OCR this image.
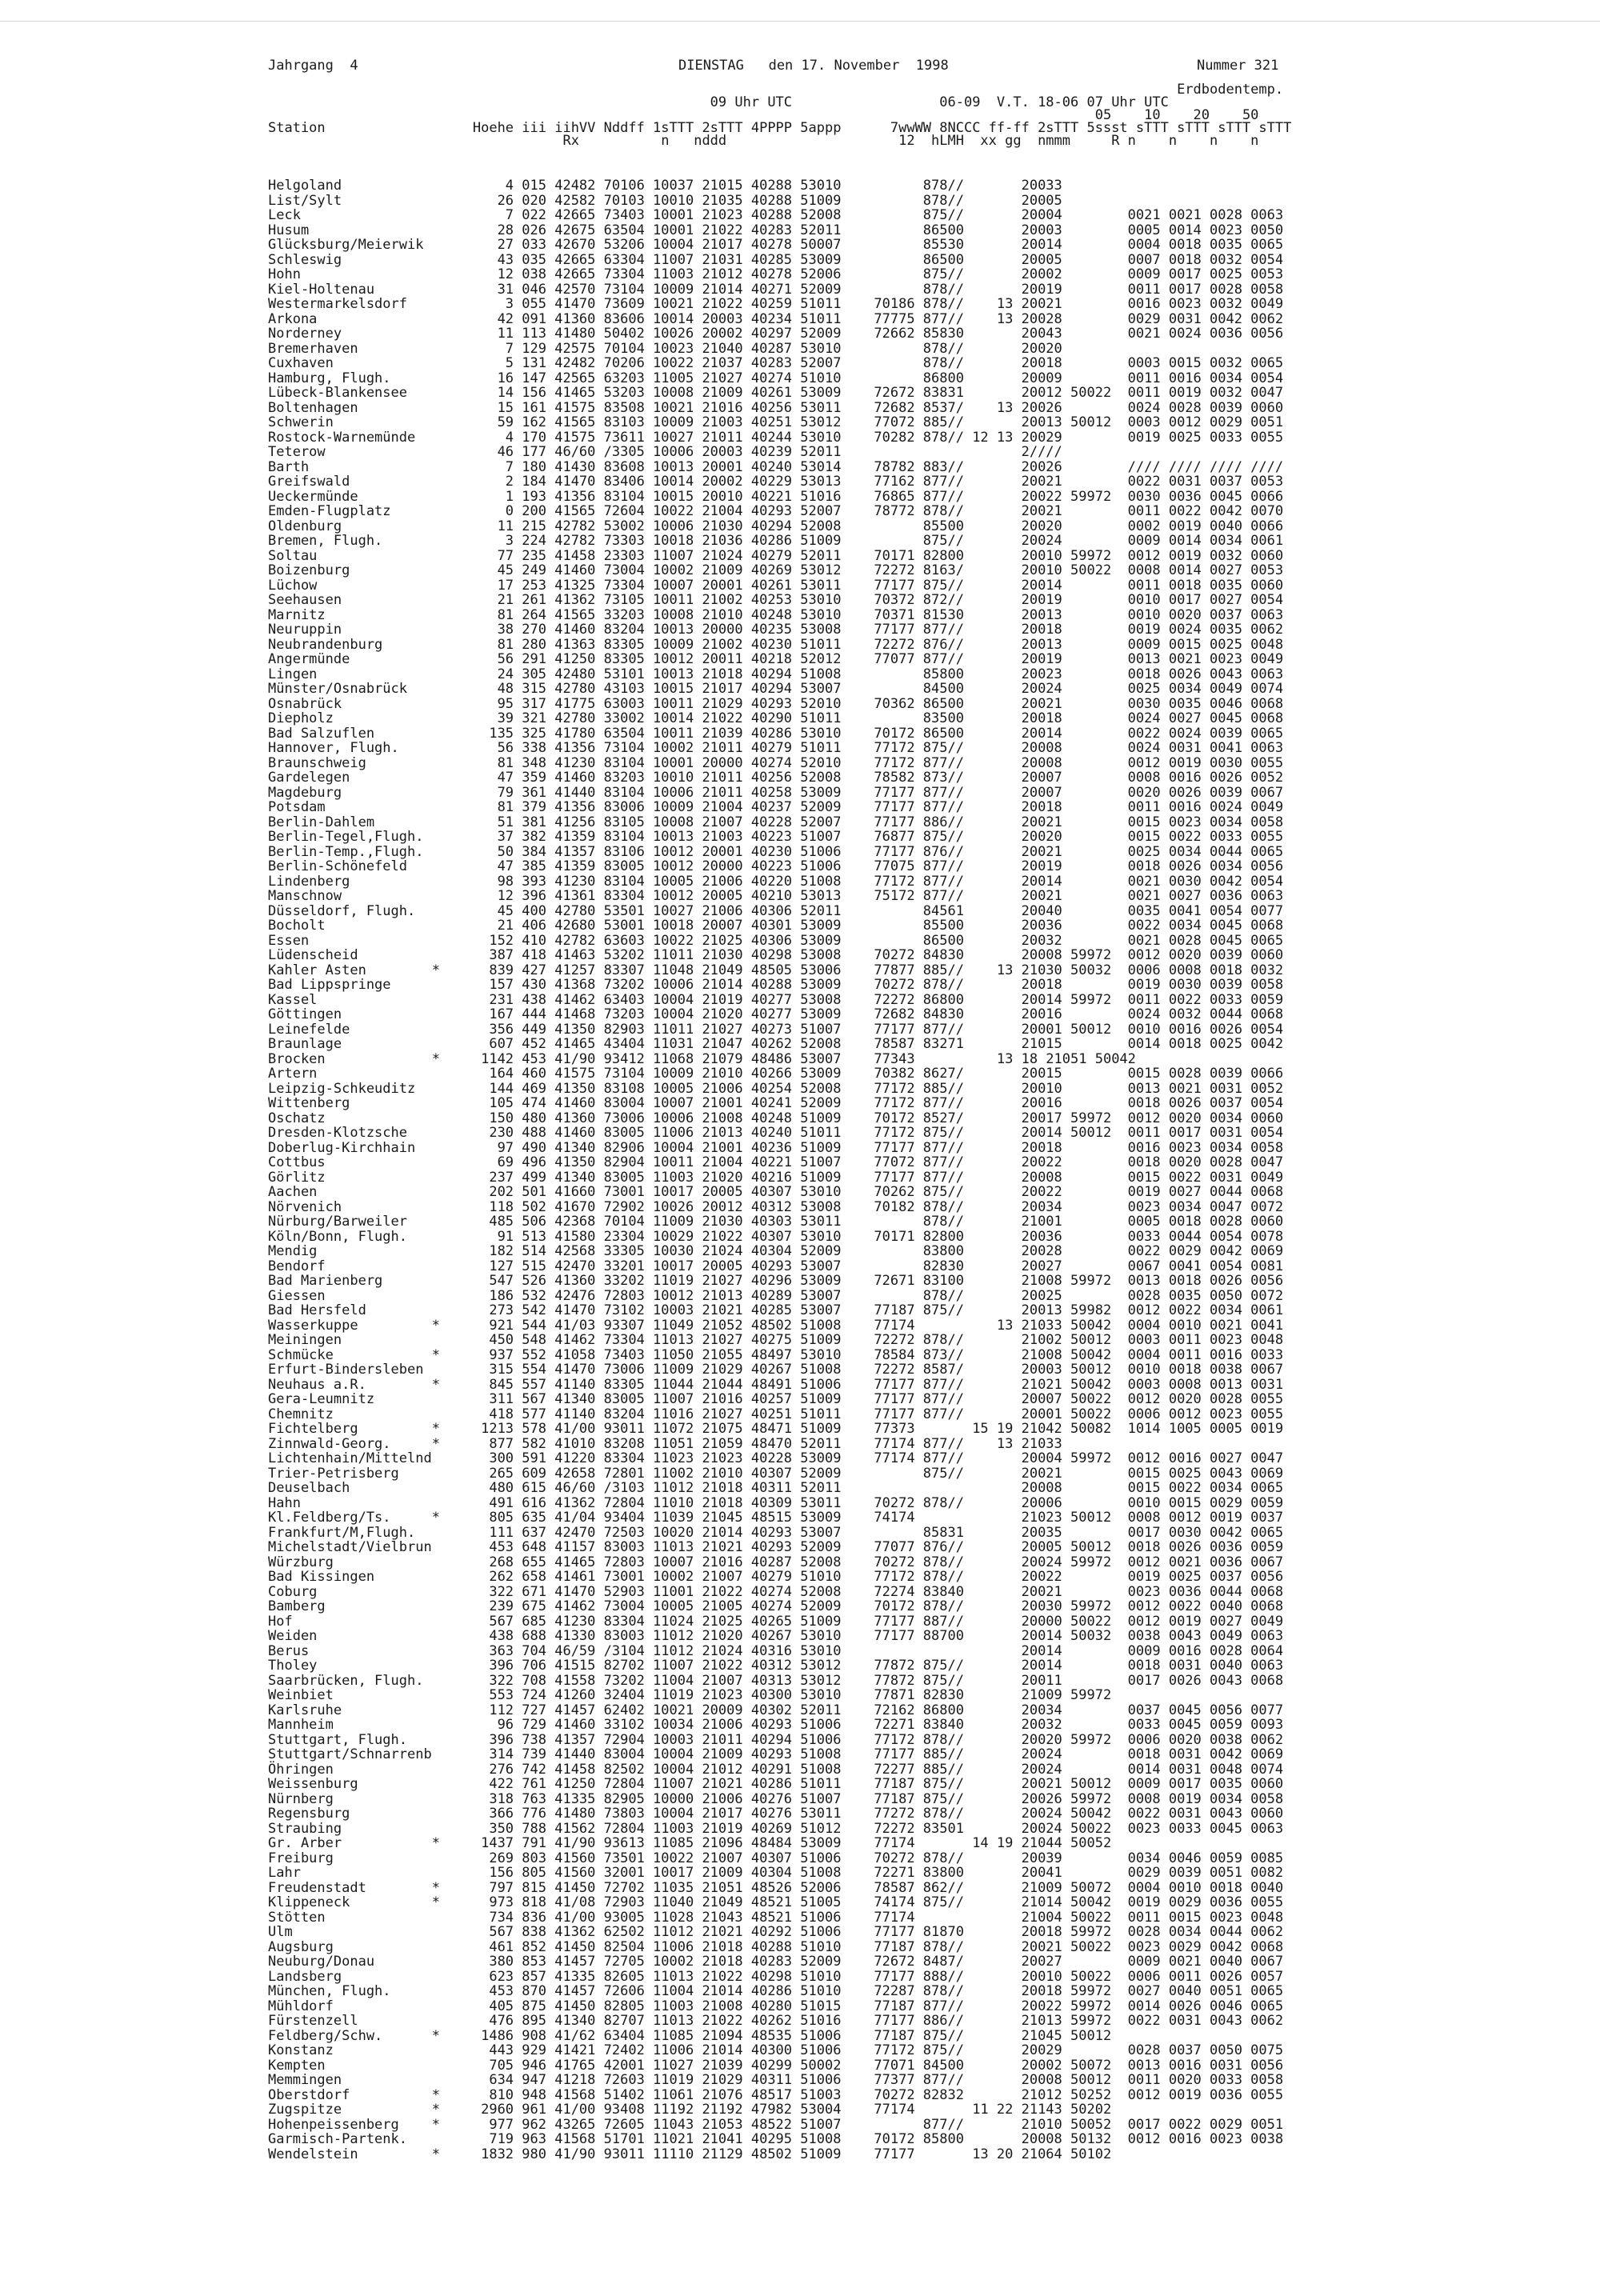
Jahrgang  4	DIENSTAG   den 17. November  1998	Nummer 321
Erdbodentemp.
09 Uhr UTC                  06-09  V.T. 18-06 07 Uhr UTC
05    10    20    50
Station                  Hoehe iii iihVV Nddff 1sTTT 2sTTT 4PPPP 5appp      7wwWW 8NCCC ff-ff 2sTTT 5ssst sTTT sTTT sTTT sTTT
Rx          n   nddd                     12  hLMH  xx gg  nmmm     R n    n    n    n
Helgoland                    4 015 42482 70106 10037 21015 40288 53010          878//       20033
List/Sylt                   26 020 42582 70103 10010 21035 40288 51009          878//       20005
Leck                         7 022 42665 73403 10001 21023 40288 52008          875//       20004        0021 0021 0028 0063
Husum                       28 026 42675 63504 10001 21022 40283 52011          86500       20003        0005 0014 0023 0050
Glücksburg/Meierwik         27 033 42670 53206 10004 21017 40278 50007          85530       20014        0004 0018 0035 0065
Schleswig                   43 035 42665 63304 11007 21031 40285 53009          86500       20005        0007 0018 0032 0054
Hohn                        12 038 42665 73304 11003 21012 40278 52006          875//       20002        0009 0017 0025 0053
Kiel-Holtenau               31 046 42570 73104 10009 21014 40271 52009          878//       20019        0011 0017 0028 0058
Westermarkelsdorf            3 055 41470 73609 10021 21022 40259 51011    70186 878//    13 20021        0016 0023 0032 0049
Arkona                      42 091 41360 83606 10014 20003 40234 51011    77775 877//    13 20028        0029 0031 0042 0062
Norderney                   11 113 41480 50402 10026 20002 40297 52009    72662 85830       20043        0021 0024 0036 0056
Bremerhaven                  7 129 42575 70104 10023 21040 40287 53010          878//       20020
Cuxhaven                     5 131 42482 70206 10022 21037 40283 52007          878//       20018        0003 0015 0032 0065
Hamburg, Flugh.             16 147 42565 63203 11005 21027 40274 51010          86800       20009        0011 0016 0034 0054
Lübeck-Blankensee           14 156 41465 53203 10008 21009 40261 53009    72672 83831       20012 50022  0011 0019 0032 0047
Boltenhagen                 15 161 41575 83508 10021 21016 40256 53011    72682 8537/    13 20026        0024 0028 0039 0060
Schwerin                    59 162 41565 83103 10009 21003 40251 53012    77072 885//       20013 50012  0003 0012 0029 0051
Rostock-Warnemünde           4 170 41575 73611 10027 21011 40244 53010    70282 878// 12 13 20029        0019 0025 0033 0055
Teterow                     46 177 46/60 /3305 10006 20003 40239 52011                      2////
Barth                        7 180 41430 83608 10013 20001 40240 53014    78782 883//       20026        //// //// //// ////
Greifswald                   2 184 41470 83406 10014 20002 40229 53013    77162 877//       20021        0022 0031 0037 0053
Ueckermünde                  1 193 41356 83104 10015 20010 40221 51016    76865 877//       20022 59972  0030 0036 0045 0066
Emden-Flugplatz              0 200 41565 72604 10022 21004 40293 52007    78772 878//       20021        0011 0022 0042 0070
Oldenburg                   11 215 42782 53002 10006 21030 40294 52008          85500       20020        0002 0019 0040 0066
Bremen, Flugh.               3 224 42782 73303 10018 21036 40286 51009          875//       20024        0009 0014 0034 0061
Soltau                      77 235 41458 23303 11007 21024 40279 52011    70171 82800       20010 59972  0012 0019 0032 0060
Boizenburg                  45 249 41460 73004 10002 21009 40269 53012    72272 8163/       20010 50022  0008 0014 0027 0053
Lüchow                      17 253 41325 73304 10007 20001 40261 53011    77177 875//       20014        0011 0018 0035 0060
Seehausen                   21 261 41362 73105 10011 21002 40253 53010    70372 872//       20019        0010 0017 0027 0054
Marnitz                     81 264 41565 33203 10008 21010 40248 53010    70371 81530       20013        0010 0020 0037 0063
Neuruppin                   38 270 41460 83204 10013 20000 40235 53008    77177 877//       20018        0019 0024 0035 0062
Neubrandenburg              81 280 41363 83305 10009 21002 40230 51011    72272 876//       20013        0009 0015 0025 0048
Angermünde                  56 291 41250 83305 10012 20011 40218 52012    77077 877//       20019        0013 0021 0023 0049
Lingen                      24 305 42480 53101 10013 21018 40294 51008          85800       20023        0018 0026 0043 0063
Münster/Osnabrück           48 315 42780 43103 10015 21017 40294 53007          84500       20024        0025 0034 0049 0074
Osnabrück                   95 317 41775 63003 10011 21029 40293 52010    70362 86500       20021        0030 0035 0046 0068
Diepholz                    39 321 42780 33002 10014 21022 40290 51011          83500       20018        0024 0027 0045 0068
Bad Salzuflen              135 325 41780 63504 10011 21039 40286 53010    70172 86500       20014        0022 0024 0039 0065
Hannover, Flugh.            56 338 41356 73104 10002 21011 40279 51011    77172 875//       20008        0024 0031 0041 0063
Braunschweig                81 348 41230 83104 10001 20000 40274 52010    77172 877//       20008        0012 0019 0030 0055
Gardelegen                  47 359 41460 83203 10010 21011 40256 52008    78582 873//       20007        0008 0016 0026 0052
Magdeburg                   79 361 41440 83104 10006 21011 40258 53009    77177 877//       20007        0020 0026 0039 0067
Potsdam                     81 379 41356 83006 10009 21004 40237 52009    77177 877//       20018        0011 0016 0024 0049
Berlin-Dahlem               51 381 41256 83105 10008 21007 40228 52007    77177 886//       20021        0015 0023 0034 0058
Berlin-Tegel,Flugh.         37 382 41359 83104 10013 21003 40223 51007    76877 875//       20020        0015 0022 0033 0055
Berlin-Temp.,Flugh.         50 384 41357 83106 10012 20001 40230 51006    77177 876//       20021        0025 0034 0044 0065
Berlin-Schönefeld           47 385 41359 83005 10012 20000 40223 51006    77075 877//       20019        0018 0026 0034 0056
Lindenberg                  98 393 41230 83104 10005 21006 40220 51008    77172 877//       20014        0021 0030 0042 0054
Manschnow                   12 396 41361 83304 10012 20005 40210 53013    75172 877//       20021        0021 0027 0036 0063
Düsseldorf, Flugh.          45 400 42780 53501 10027 21006 40306 52011          84561       20040        0035 0041 0054 0077
Bocholt                     21 406 42680 53001 10018 20007 40301 53009          85500       20036        0022 0034 0045 0068
Essen                      152 410 42782 63603 10022 21025 40306 53009          86500       20032        0021 0028 0045 0065
Lüdenscheid                387 418 41463 53202 11011 21030 40298 53008    70272 84830       20008 59972  0012 0020 0039 0060
Kahler Asten        *      839 427 41257 83307 11048 21049 48505 53006    77877 885//    13 21030 50032  0006 0008 0018 0032
Bad Lippspringe            157 430 41368 73202 10006 21014 40288 53009    70272 878//       20018        0019 0030 0039 0058
Kassel                     231 438 41462 63403 10004 21019 40277 53008    72272 86800       20014 59972  0011 0022 0033 0059
Göttingen                  167 444 41468 73203 10004 21020 40277 53009    72682 84830       20016        0024 0032 0044 0068
Leinefelde                 356 449 41350 82903 11011 21027 40273 51007    77177 877//       20001 50012  0010 0016 0026 0054
Braunlage                  607 452 41465 43404 11031 21047 40262 52008    78587 83271       21015        0014 0018 0025 0042
Brocken             *     1142 453 41/90 93412 11068 21079 48486 53007    77343          13 18 21051 50042
Artern                     164 460 41575 73104 10009 21010 40266 53009    70382 8627/       20015        0015 0028 0039 0066
Leipzig-Schkeuditz         144 469 41350 83108 10005 21006 40254 52008    77172 885//       20010        0013 0021 0031 0052
Wittenberg                 105 474 41460 83004 10007 21001 40241 52009    77172 877//       20016        0018 0026 0037 0054
Oschatz                    150 480 41360 73006 10006 21008 40248 51009    70172 8527/       20017 59972  0012 0020 0034 0060
Dresden-Klotzsche          230 488 41460 83005 11006 21013 40240 51011    77172 875//       20014 50012  0011 0017 0031 0054
Doberlug-Kirchhain          97 490 41340 82906 10004 21001 40236 51009    77177 877//       20018        0016 0023 0034 0058
Cottbus                     69 496 41350 82904 10011 21004 40221 51007    77072 877//       20022        0018 0020 0028 0047
Görlitz                    237 499 41340 83005 11003 21020 40216 51009    77177 877//       20008        0015 0022 0031 0049
Aachen                     202 501 41660 73001 10017 20005 40307 53010    70262 875//       20022        0019 0027 0044 0068
Nörvenich                  118 502 41670 72902 10026 20012 40312 53008    70182 878//       20034        0023 0034 0047 0072
Nürburg/Barweiler          485 506 42368 70104 11009 21030 40303 53011          878//       21001        0005 0018 0028 0060
Köln/Bonn, Flugh.           91 513 41580 23304 10029 21022 40307 53010    70171 82800       20036        0033 0044 0054 0078
Mendig                     182 514 42568 33305 10030 21024 40304 52009          83800       20028        0022 0029 0042 0069
Bendorf                    127 515 42470 33201 10017 20005 40293 53007          82830       20027        0067 0041 0054 0081
Bad Marienberg             547 526 41360 33202 11019 21027 40296 53009    72671 83100       21008 59972  0013 0018 0026 0056
Giessen                    186 532 42476 72803 10012 21013 40289 53007          878//       20025        0028 0035 0050 0072
Bad Hersfeld               273 542 41470 73102 10003 21021 40285 53007    77187 875//       20013 59982  0012 0022 0034 0061
Wasserkuppe         *      921 544 41/03 93307 11049 21052 48502 51008    77174          13 21033 50042  0004 0010 0021 0041
Meiningen                  450 548 41462 73304 11013 21027 40275 51009    72272 878//       21002 50012  0003 0011 0023 0048
Schmücke            *      937 552 41058 73403 11050 21055 48497 53010    78584 873//       21008 50042  0004 0011 0016 0033
Erfurt-Bindersleben        315 554 41470 73006 11009 21029 40267 51008    72272 8587/       20003 50012  0010 0018 0038 0067
Neuhaus a.R.        *      845 557 41140 83305 11044 21044 48491 51006    77177 877//       21021 50042  0003 0008 0013 0031
Gera-Leumnitz              311 567 41340 83005 11007 21016 40257 51009    77177 877//       20007 50022  0012 0020 0028 0055
Chemnitz                   418 577 41140 83204 11016 21027 40251 51011    77177 877//       20001 50022  0006 0012 0023 0055
Fichtelberg         *     1213 578 41/00 93011 11072 21075 48471 51009    77373       15 19 21042 50082  1014 1005 0005 0019
Zinnwald-Georg.     *      877 582 41010 83208 11051 21059 48470 52011    77174 877//    13 21033
Lichtenhain/Mittelnd       300 591 41220 83304 11023 21023 40228 53009    77174 877//       20004 59972  0012 0016 0027 0047
Trier-Petrisberg           265 609 42658 72801 11002 21010 40307 52009          875//       20021        0015 0025 0043 0069
Deuselbach                 480 615 46/60 /3103 11012 21018 40311 52011                      20008        0015 0022 0034 0065
Hahn                       491 616 41362 72804 11010 21018 40309 53011    70272 878//       20006        0010 0015 0029 0059
Kl.Feldberg/Ts.     *      805 635 41/04 93404 11039 21045 48515 53009    74174             21023 50012  0008 0012 0019 0037
Frankfurt/M,Flugh.         111 637 42470 72503 10020 21014 40293 53007          85831       20035        0017 0030 0042 0065
Michelstadt/Vielbrun       453 648 41157 83003 11013 21021 40293 52009    77077 876//       20005 50012  0018 0026 0036 0059
Würzburg                   268 655 41465 72803 10007 21016 40287 52008    70272 878//       20024 59972  0012 0021 0036 0067
Bad Kissingen              262 658 41461 73001 10002 21007 40279 51010    77172 878//       20022        0019 0025 0037 0056
Coburg                     322 671 41470 52903 11001 21022 40274 52008    72274 83840       20021        0023 0036 0044 0068
Bamberg                    239 675 41462 73004 10005 21005 40274 52009    70172 878//       20030 59972  0012 0022 0040 0068
Hof                        567 685 41230 83304 11024 21025 40265 51009    77177 887//       20000 50022  0012 0019 0027 0049
Weiden                     438 688 41330 83003 11012 21020 40267 53010    77177 88700       20014 50032  0038 0043 0049 0063
Berus                      363 704 46/59 /3104 11012 21024 40316 53010                      20014        0009 0016 0028 0064
Tholey                     396 706 41515 82702 11007 21022 40312 53012    77872 875//       20014        0018 0031 0040 0063
Saarbrücken, Flugh.        322 708 41558 73202 11004 21007 40313 53012    77872 875//       20011        0017 0026 0043 0068
Weinbiet                   553 724 41260 32404 11019 21023 40300 53010    77871 82830       21009 59972
Karlsruhe                  112 727 41457 62402 10021 20009 40302 52011    72162 86800       20034        0037 0045 0056 0077
Mannheim                    96 729 41460 33102 10034 21006 40293 51006    72271 83840       20032        0033 0045 0059 0093
Stuttgart, Flugh.          396 738 41357 72904 10003 21011 40294 51006    77172 878//       20020 59972  0006 0020 0038 0062
Stuttgart/Schnarrenb       314 739 41440 83004 10004 21009 40293 51008    77177 885//       20024        0018 0031 0042 0069
Öhringen                   276 742 41458 82502 10004 21012 40291 51008    72277 885//       20024        0014 0031 0048 0074
Weissenburg                422 761 41250 72804 11007 21021 40286 51011    77187 875//       20021 50012  0009 0017 0035 0060
Nürnberg                   318 763 41335 82905 10000 21006 40276 51007    77187 875//       20026 59972  0008 0019 0034 0058
Regensburg                 366 776 41480 73803 10004 21017 40276 53011    77272 878//       20024 50042  0022 0031 0043 0060
Straubing                  350 788 41562 72804 11003 21019 40269 51012    72272 83501       20024 50022  0023 0033 0045 0063
Gr. Arber           *     1437 791 41/90 93613 11085 21096 48484 53009    77174       14 19 21044 50052
Freiburg                   269 803 41560 73501 10022 21007 40307 51006    70272 878//       20039        0034 0046 0059 0085
Lahr                       156 805 41560 32001 10017 21009 40304 51008    72271 83800       20041        0029 0039 0051 0082
Freudenstadt        *      797 815 41450 72702 11035 21051 48526 52006    78587 862//       21009 50072  0004 0010 0018 0040
Klippeneck          *      973 818 41/08 72903 11040 21049 48521 51005    74174 875//       21014 50042  0019 0029 0036 0055
Stötten                    734 836 41/00 93005 11028 21043 48521 51006    77174             21004 50022  0011 0015 0023 0048
Ulm                        567 838 41362 62502 11012 21021 40292 51006    77177 81870       20018 59972  0028 0034 0044 0062
Augsburg                   461 852 41450 82504 11006 21018 40288 51010    77187 878//       20021 50022  0023 0029 0042 0068
Neuburg/Donau              380 853 41457 72705 10002 21018 40283 52009    72672 8487/       20027        0009 0021 0040 0067
Landsberg                  623 857 41335 82605 11013 21022 40298 51010    77177 888//       20010 50022  0006 0011 0026 0057
München, Flugh.            453 870 41457 72606 11004 21014 40286 51010    72287 878//       20018 59972  0027 0040 0051 0065
Mühldorf                   405 875 41450 82805 11003 21008 40280 51015    77187 877//       20022 59972  0014 0026 0046 0065
Fürstenzell                476 895 41340 82707 11013 21022 40262 51016    77177 886//       21013 59972  0022 0031 0043 0062
Feldberg/Schw.      *     1486 908 41/62 63404 11085 21094 48535 51006    77187 875//       21045 50012
Konstanz                   443 929 41421 72402 11006 21014 40300 51006    77172 875//       20029        0028 0037 0050 0075
Kempten                    705 946 41765 42001 11027 21039 40299 50002    77071 84500       20002 50072  0013 0016 0031 0056
Memmingen                  634 947 41218 72603 11019 21029 40311 51006    77377 877//       20008 50012  0011 0020 0033 0058
Oberstdorf          *      810 948 41568 51402 11061 21076 48517 51003    70272 82832       21012 50252  0012 0019 0036 0055
Zugspitze           *     2960 961 41/00 93408 11192 21192 47982 53004    77174       11 22 21143 50202
Hohenpeissenberg    *      977 962 43265 72605 11043 21053 48522 51007          877//       21010 50052  0017 0022 0029 0051
Garmisch-Partenk.          719 963 41568 51701 11021 21041 40295 51008    70172 85800       20008 50132  0012 0016 0023 0038
Wendelstein         *     1832 980 41/90 93011 11110 21129 48502 51009    77177       13 20 21064 50102
